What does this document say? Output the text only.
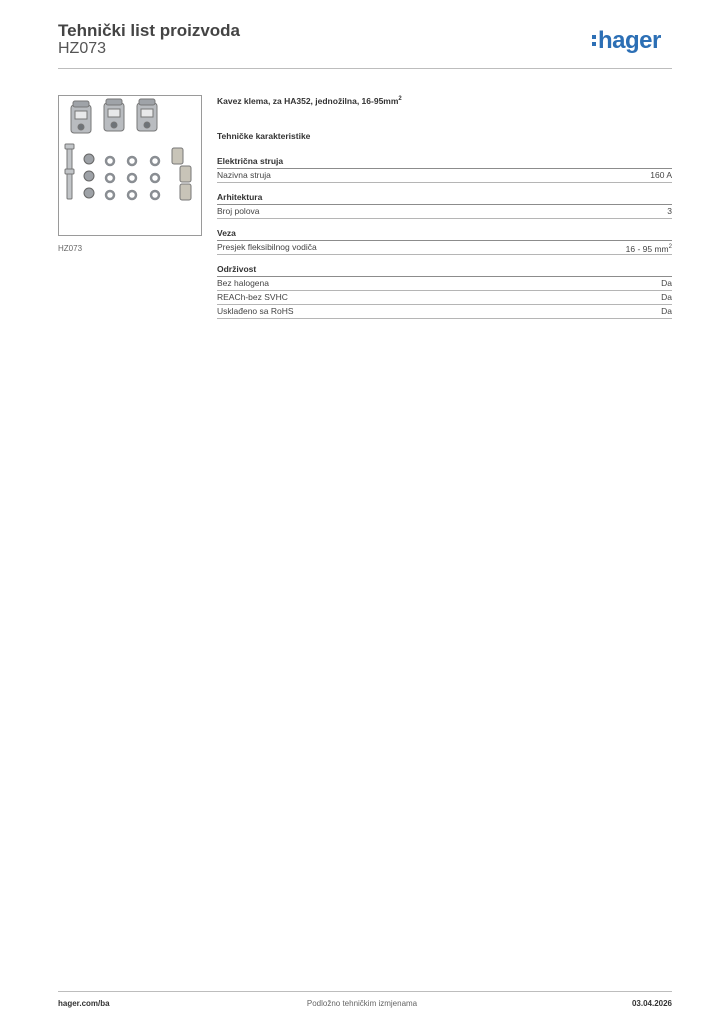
Tehnički list proizvoda
HZ073	hager
HZ073

Kavez klema, za HA352, jednožilna, $16-95mm^2$

Tehničke karakteristike
Električna struja
Nazivna struja	160 A
Arhitektura
Broj polova	3
Veza
Presjek fleksibilnog vodiča	16 - 95 $mm^2$
Održivost
Bez halogena	Da
REACh-bez SVHC	Da
Usklađeno sa RoHS	Da
hager.com/ba	Podložno tehničkim izmjenama	03.04.2026
